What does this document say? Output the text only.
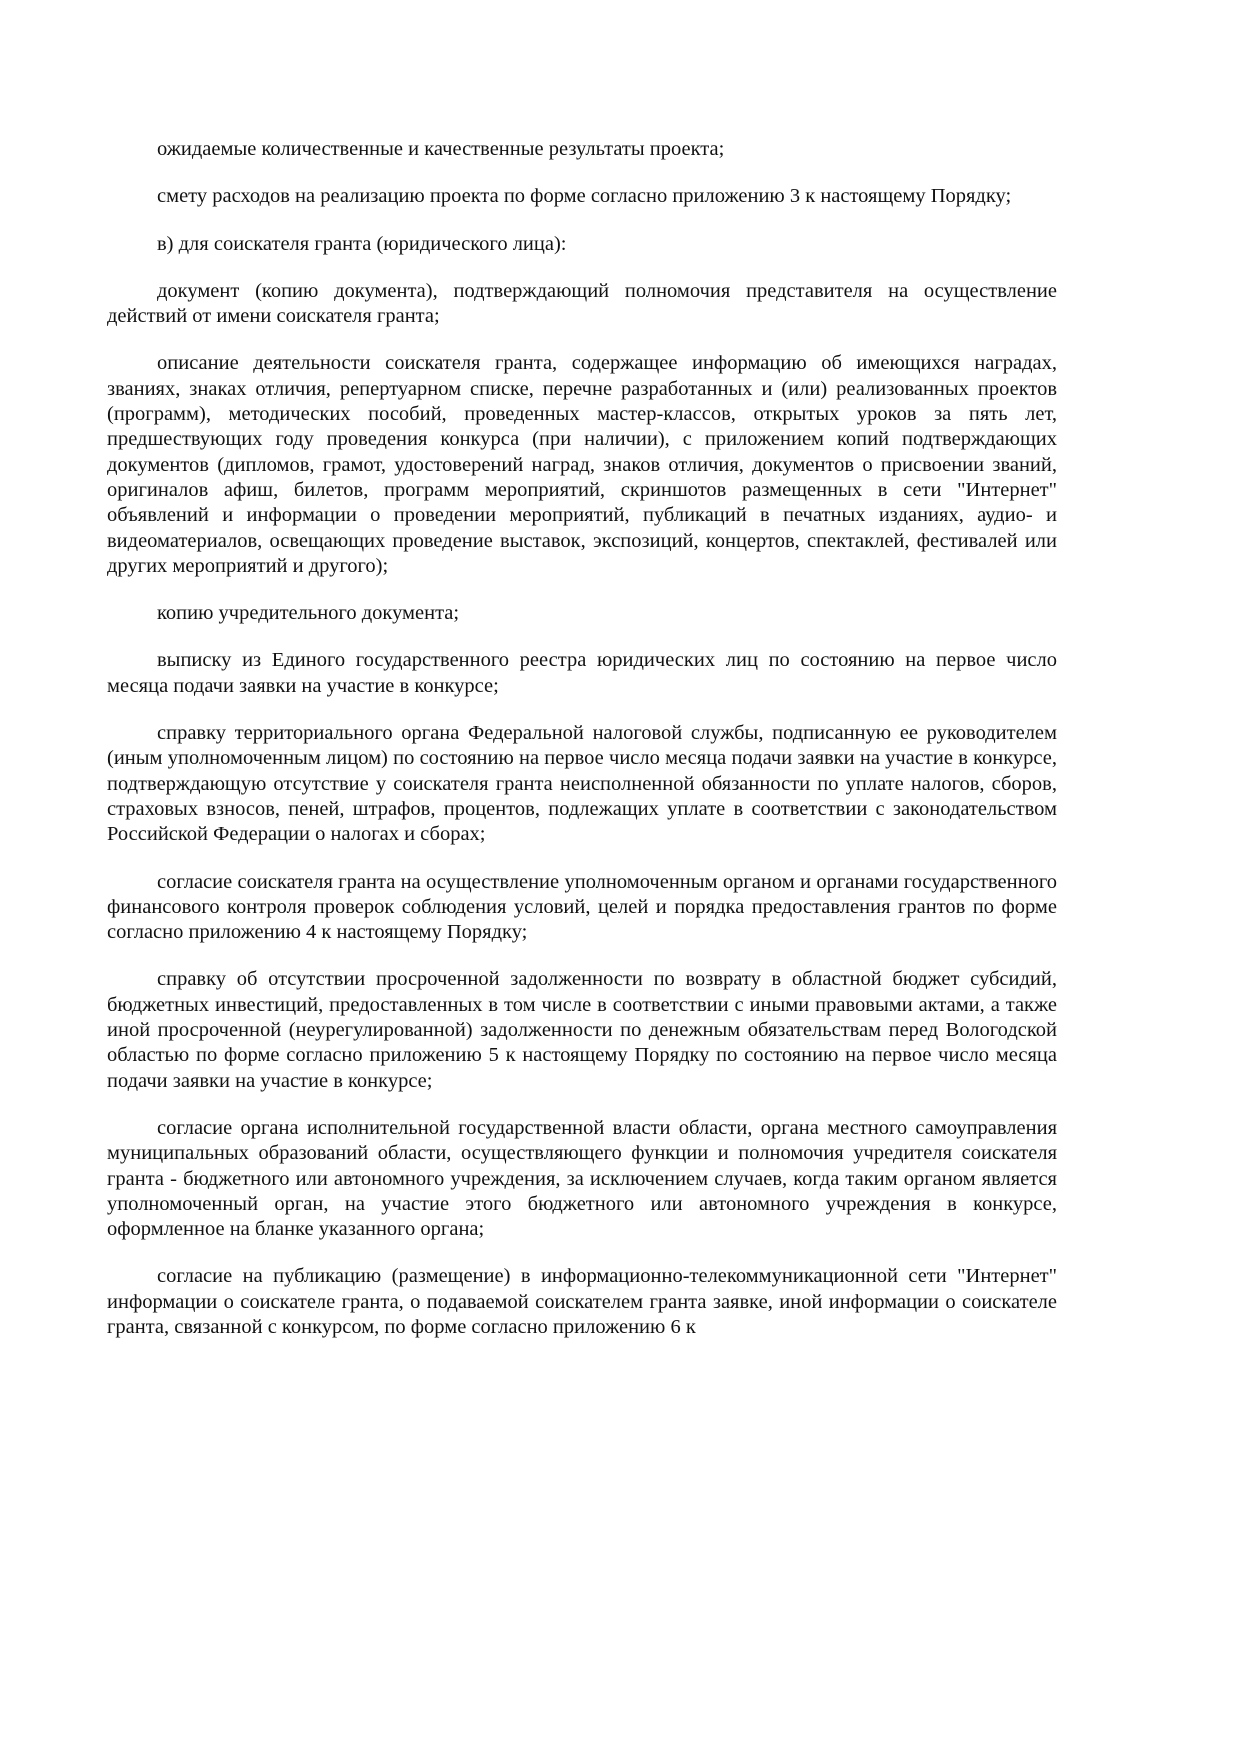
ожидаемые количественные и качественные результаты проекта;

смету расходов на реализацию проекта по форме согласно приложению 3 к настоящему Порядку;

в) для соискателя гранта (юридического лица):

документ (копию документа), подтверждающий полномочия представителя на осуществление действий от имени соискателя гранта;

описание деятельности соискателя гранта, содержащее информацию об имеющихся наградах, званиях, знаках отличия, репертуарном списке, перечне разработанных и (или) реализованных проектов (программ), методических пособий, проведенных мастер-классов, открытых уроков за пять лет, предшествующих году проведения конкурса (при наличии), с приложением копий подтверждающих документов (дипломов, грамот, удостоверений наград, знаков отличия, документов о присвоении званий, оригиналов афиш, билетов, программ мероприятий, скриншотов размещенных в сети "Интернет" объявлений и информации о проведении мероприятий, публикаций в печатных изданиях, аудио- и видеоматериалов, освещающих проведение выставок, экспозиций, концертов, спектаклей, фестивалей или других мероприятий и другого);

копию учредительного документа;

выписку из Единого государственного реестра юридических лиц по состоянию на первое число месяца подачи заявки на участие в конкурсе;

справку территориального органа Федеральной налоговой службы, подписанную ее руководителем (иным уполномоченным лицом) по состоянию на первое число месяца подачи заявки на участие в конкурсе, подтверждающую отсутствие у соискателя гранта неисполненной обязанности по уплате налогов, сборов, страховых взносов, пеней, штрафов, процентов, подлежащих уплате в соответствии с законодательством Российской Федерации о налогах и сборах;

согласие соискателя гранта на осуществление уполномоченным органом и органами государственного финансового контроля проверок соблюдения условий, целей и порядка предоставления грантов по форме согласно приложению 4 к настоящему Порядку;

справку об отсутствии просроченной задолженности по возврату в областной бюджет субсидий, бюджетных инвестиций, предоставленных в том числе в соответствии с иными правовыми актами, а также иной просроченной (неурегулированной) задолженности по денежным обязательствам перед Вологодской областью по форме согласно приложению 5 к настоящему Порядку по состоянию на первое число месяца подачи заявки на участие в конкурсе;

согласие органа исполнительной государственной власти области, органа местного самоуправления муниципальных образований области, осуществляющего функции и полномочия учредителя соискателя гранта - бюджетного или автономного учреждения, за исключением случаев, когда таким органом является уполномоченный орган, на участие этого бюджетного или автономного учреждения в конкурсе, оформленное на бланке указанного органа;

согласие на публикацию (размещение) в информационно-телекоммуникационной сети "Интернет" информации о соискателе гранта, о подаваемой соискателем гранта заявке, иной информации о соискателе гранта, связанной с конкурсом, по форме согласно приложению 6 к
